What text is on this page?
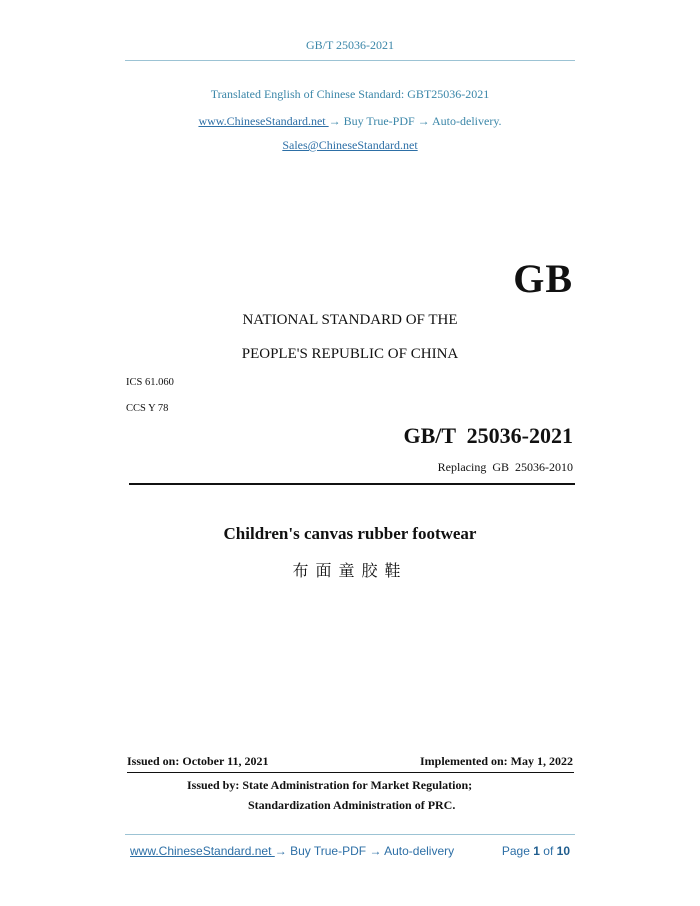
GB/T 25036-2021
Translated English of Chinese Standard: GBT25036-2021
www.ChineseStandard.net → Buy True-PDF → Auto-delivery.
Sales@ChineseStandard.net
GB
NATIONAL STANDARD OF THE
PEOPLE'S REPUBLIC OF CHINA
ICS 61.060
CCS Y 78
GB/T  25036-2021
Replacing  GB  25036-2010
Children's canvas rubber footwear
布面童胶鞋
Issued on: October 11, 2021	Implemented on: May 1, 2022
Issued by: State Administration for Market Regulation;
Standardization Administration of PRC.
www.ChineseStandard.net → Buy True-PDF → Auto-delivery	Page 1 of 10
